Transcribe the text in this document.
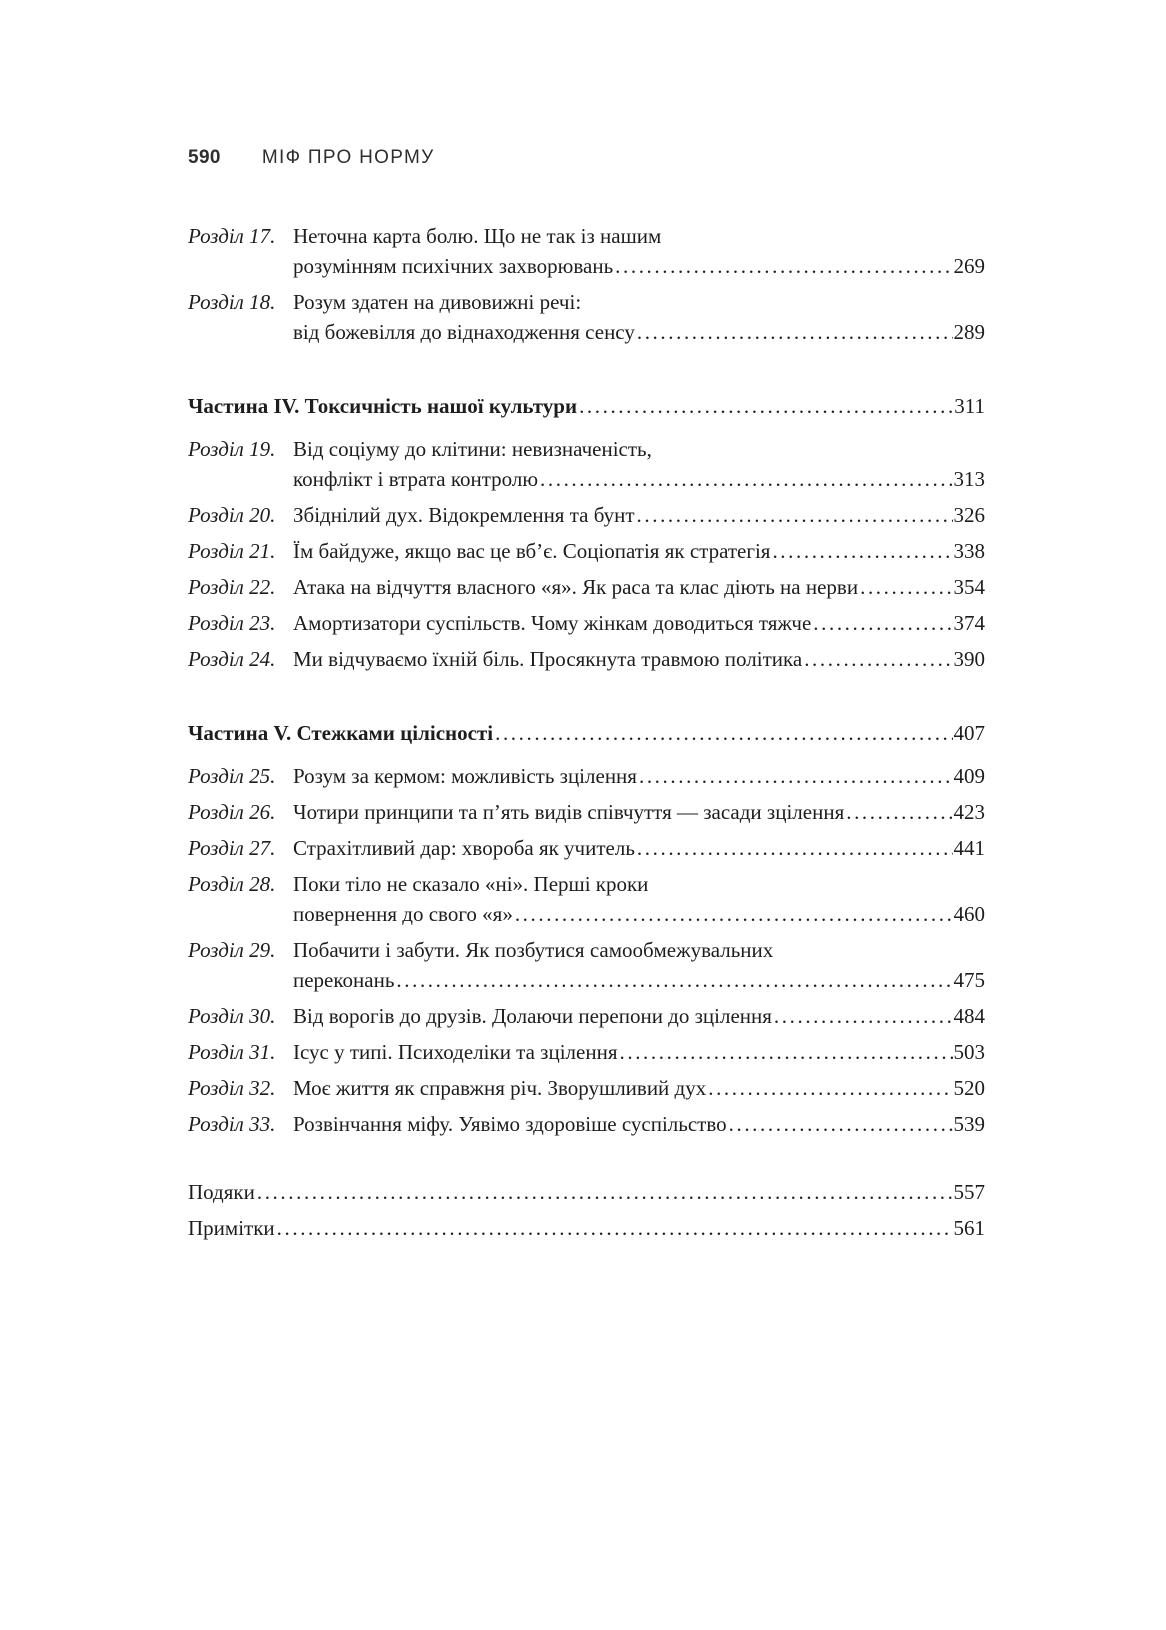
590 МІФ ПРО НОРМУ
Розділ 17. Неточна карта болю. Що не так із нашим
розумінням психічних захворювань .....	269
Розділ 18. Розум здатен на дивовижні речі:
від божевілля до віднаходження сенсу .....	289
Частина IV. Токсичність нашої культури .....	311
Розділ 19. Від соціуму до клітини: невизначеність,
конфлікт і втрата контролю .....	313
Розділ 20. Збіднілий дух. Відокремлення та бунт .....	326
Розділ 21. Їм байдуже, якщо вас це вб’є. Соціопатія як стратегія .....	338
Розділ 22. Атака на відчуття власного «я». Як раса та клас діють на нерви .....	354
Розділ 23. Амортизатори суспільств. Чому жінкам доводиться тяжче .....	374
Розділ 24. Ми відчуваємо їхній біль. Просякнута травмою політика .....	390
Частина V. Стежками цілісності .....	407
Розділ 25. Розум за кермом: можливість зцілення .....	409
Розділ 26. Чотири принципи та п’ять видів співчуття — засади зцілення .....	423
Розділ 27. Страхітливий дар: хвороба як учитель .....	441
Розділ 28. Поки тіло не сказало «ні». Перші кроки
повернення до свого «я» .....	460
Розділ 29. Побачити і забути. Як позбутися самообмежувальних
переконань .....	475
Розділ 30. Від ворогів до друзів. Долаючи перепони до зцілення .....	484
Розділ 31. Ісус у типі. Психоделіки та зцілення .....	503
Розділ 32. Моє життя як справжня річ. Зворушливий дух .....	520
Розділ 33. Розвінчання міфу. Уявімо здоровіше суспільство .....	539
Подяки .....	557
Примітки .....	561
